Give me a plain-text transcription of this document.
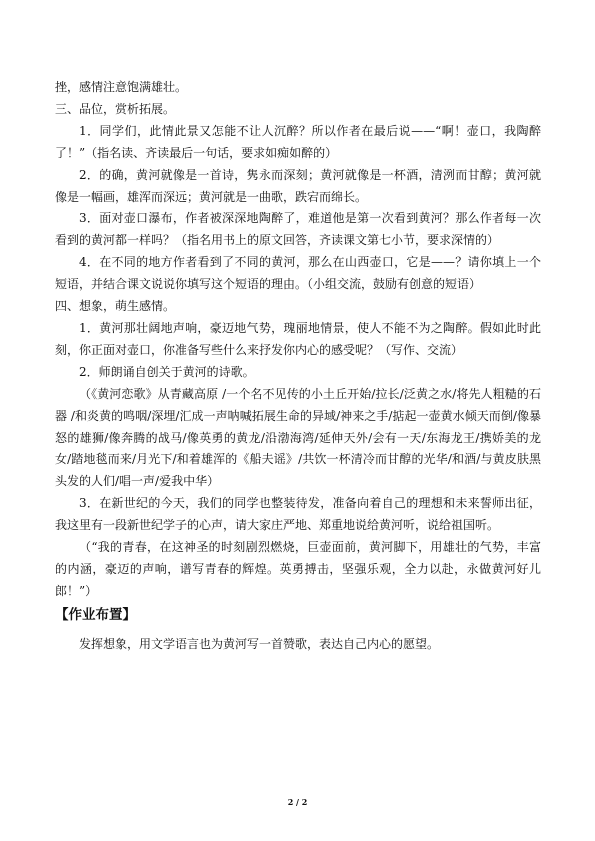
挫，感情注意饱满雄壮。

三、品位，赏析拓展。

1．同学们，此情此景又怎能不让人沉醉？所以作者在最后说——“啊！壶口，我陶醉了！”（指名读、齐读最后一句话，要求如痴如醉的）

2．的确，黄河就像是一首诗，隽永而深刻；黄河就像是一杯酒，清洌而甘醇；黄河就像是一幅画，雄浑而深远；黄河就是一曲歌，跌宕而绵长。

3．面对壶口瀑布，作者被深深地陶醉了，难道他是第一次看到黄河？那么作者每一次看到的黄河都一样吗？（指名用书上的原文回答，齐读课文第七小节，要求深情的）

4．在不同的地方作者看到了不同的黄河，那么在山西壶口，它是——？请你填上一个短语，并结合课文说说你填写这个短语的理由。（小组交流，鼓励有创意的短语）

四、想象，萌生感情。

1．黄河那壮阔地声响，豪迈地气势，瑰丽地情景，使人不能不为之陶醉。假如此时此刻，你正面对壶口，你准备写些什么来抒发你内心的感受呢？（写作、交流）

2．师朗诵自创关于黄河的诗歌。

（《黄河恋歌》从青藏高原 /一个名不见传的小土丘开始/拉长/泛黄之水/将先人粗糙的石器 /和炎黄的鸣咽/深埋/汇成一声呐喊拓展生命的异域/神来之手/掂起一壶黄水倾天而倒/像暴怒的雄狮/像奔腾的战马/像英勇的黄龙/沿渤海湾/延伸天外/会有一天/东海龙王/携娇美的龙女/踏地毯而来/月光下/和着雄浑的《船夫谣》/共饮一杯清冷而甘醇的光华/和酒/与黄皮肤黑头发的人们/唱一声/爱我中华）

3．在新世纪的今天，我们的同学也整装待发，准备向着自己的理想和未来誓师出征，我这里有一段新世纪学子的心声，请大家庄严地、郑重地说给黄河听，说给祖国听。

（“我的青春，在这神圣的时刻剧烈燃烧，巨壶面前，黄河脚下，用雄壮的气势，丰富的内涵，豪迈的声响，谱写青春的辉煌。英勇搏击，坚强乐观，全力以赴，永做黄河好儿郎！”）

【作业布置】

发挥想象，用文学语言也为黄河写一首赞歌，表达自己内心的愿望。

2 / 2
